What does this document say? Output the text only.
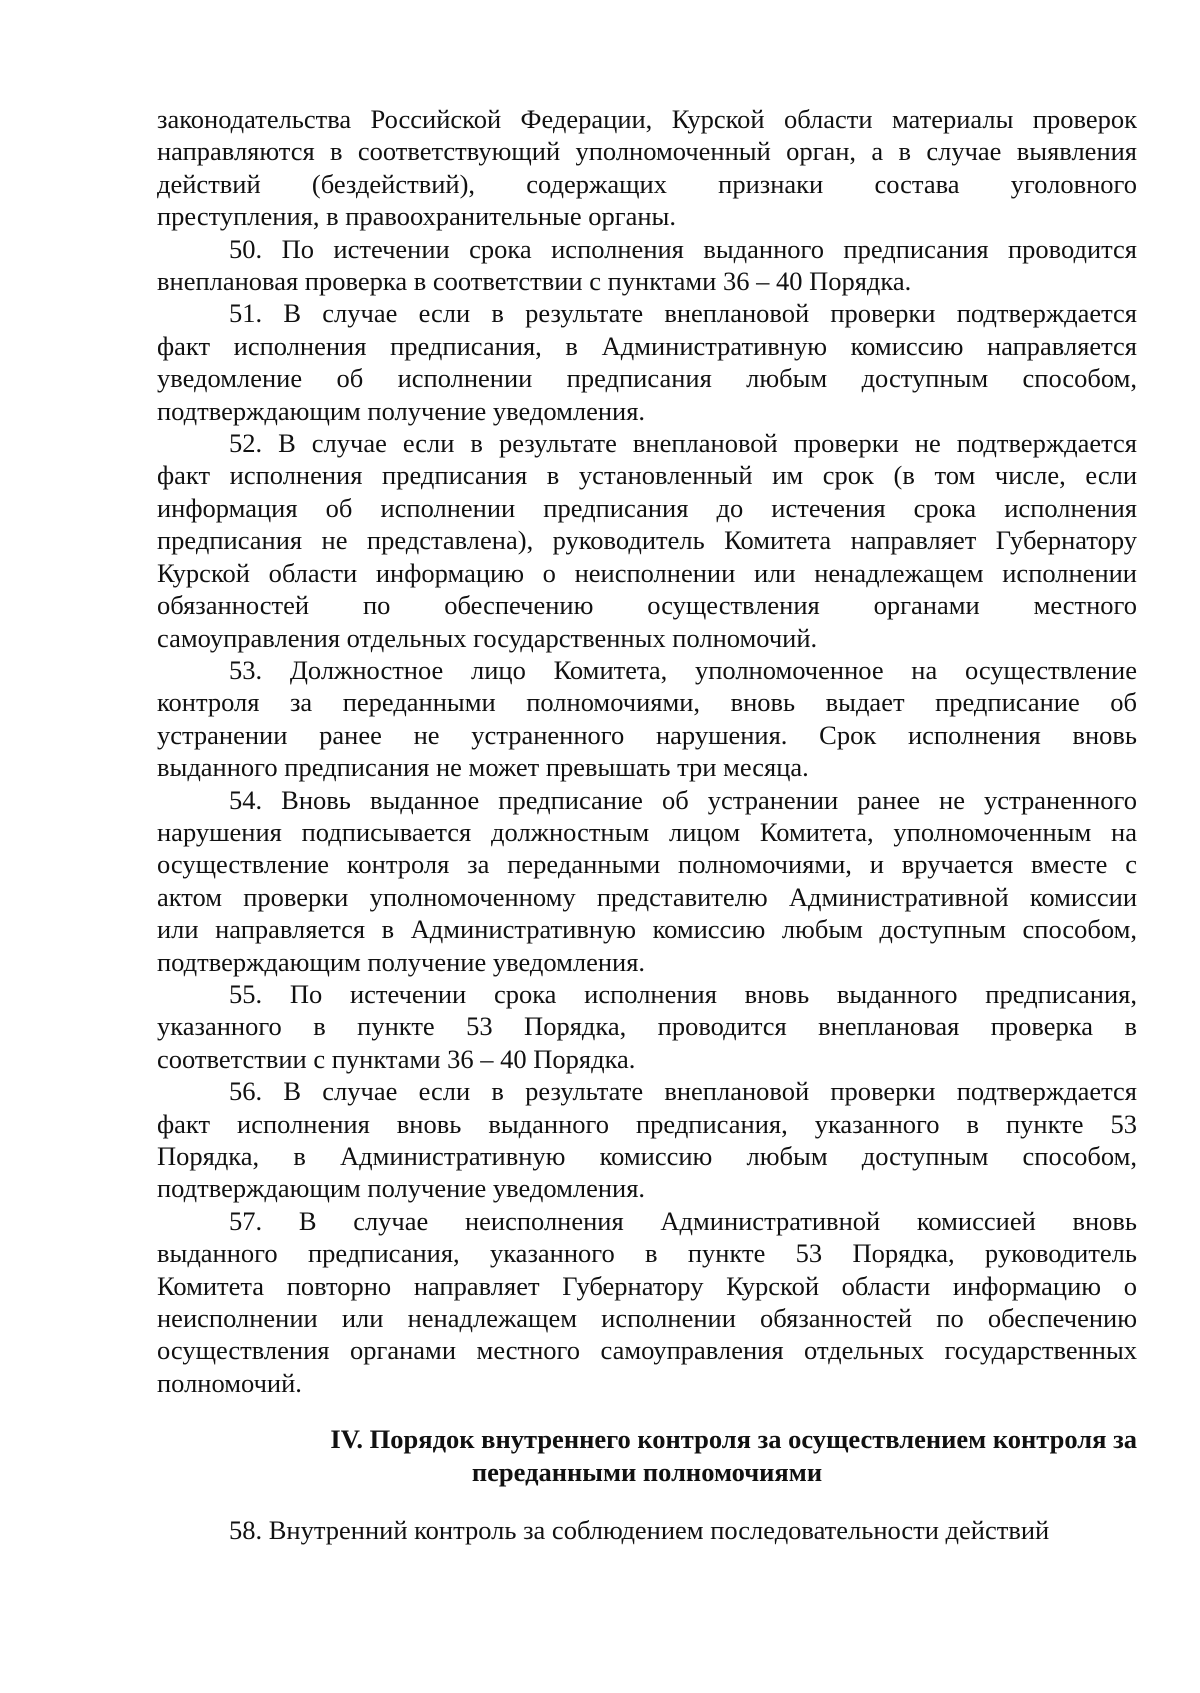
законодательства Российской Федерации, Курской области материалы проверок
направляются в соответствующий уполномоченный орган, а в случае выявления
действий (бездействий), содержащих признаки состава уголовного
преступления, в правоохранительные органы.

50. По истечении срока исполнения выданного предписания проводится
внеплановая проверка в соответствии с пунктами 36 – 40 Порядка.

51. В случае если в результате внеплановой проверки подтверждается
факт исполнения предписания, в Административную комиссию направляется
уведомление об исполнении предписания любым доступным способом,
подтверждающим получение уведомления.

52. В случае если в результате внеплановой проверки не подтверждается
факт исполнения предписания в установленный им срок (в том числе, если
информация об исполнении предписания до истечения срока исполнения
предписания не представлена), руководитель Комитета направляет Губернатору
Курской области информацию о неисполнении или ненадлежащем исполнении
обязанностей по обеспечению осуществления органами местного
самоуправления отдельных государственных полномочий.

53. Должностное лицо Комитета, уполномоченное на осуществление
контроля за переданными полномочиями, вновь выдает предписание об
устранении ранее не устраненного нарушения. Срок исполнения вновь
выданного предписания не может превышать три месяца.

54. Вновь выданное предписание об устранении ранее не устраненного
нарушения подписывается должностным лицом Комитета, уполномоченным на
осуществление контроля за переданными полномочиями, и вручается вместе с
актом проверки уполномоченному представителю Административной комиссии
или направляется в Административную комиссию любым доступным способом,
подтверждающим получение уведомления.

55. По истечении срока исполнения вновь выданного предписания,
указанного в пункте 53 Порядка, проводится внеплановая проверка в
соответствии с пунктами 36 – 40 Порядка.

56. В случае если в результате внеплановой проверки подтверждается
факт исполнения вновь выданного предписания, указанного в пункте 53
Порядка, в Административную комиссию любым доступным способом,
подтверждающим получение уведомления.

57. В случае неисполнения Административной комиссией вновь
выданного предписания, указанного в пункте 53 Порядка, руководитель
Комитета повторно направляет Губернатору Курской области информацию о
неисполнении или ненадлежащем исполнении обязанностей по обеспечению
осуществления органами местного самоуправления отдельных государственных
полномочий.

IV. Порядок внутреннего контроля за осуществлением контроля за
переданными полномочиями

58. Внутренний контроль за соблюдением последовательности действий
